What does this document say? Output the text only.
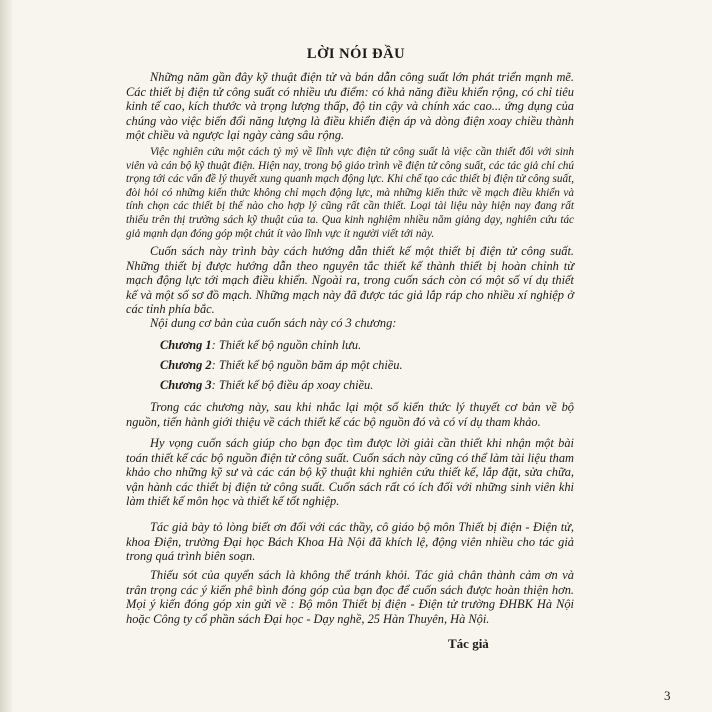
LỜI NÓI ĐẦU

Những năm gần đây kỹ thuật điện tử và bán dẫn công suất lớn phát triển mạnh mẽ. Các thiết bị điện tử công suất có nhiều ưu điểm: có khả năng điều khiển rộng, có chỉ tiêu kinh tế cao, kích thước và trọng lượng thấp, độ tin cậy và chính xác cao... ứng dụng của chúng vào việc biến đổi năng lượng là điều khiển điện áp và dòng điện xoay chiều thành một chiều và ngược lại ngày càng sâu rộng.

Việc nghiên cứu một cách tỷ mỷ về lĩnh vực điện tử công suất là việc cần thiết đối với sinh viên và cán bộ kỹ thuật điện. Hiện nay, trong bộ giáo trình về điện tử công suất, các tác giả chỉ chú trọng tới các vấn đề lý thuyết xung quanh mạch động lực. Khi chế tạo các thiết bị điện tử công suất, đòi hỏi có những kiến thức không chỉ mạch động lực, mà những kiến thức về mạch điều khiển và tính chọn các thiết bị thế nào cho hợp lý cũng rất cần thiết. Loại tài liệu này hiện nay đang rất thiếu trên thị trường sách kỹ thuật của ta. Qua kinh nghiệm nhiều năm giảng dạy, nghiên cứu tác giả mạnh dạn đóng góp một chút ít vào lĩnh vực ít người viết tới này.

Cuốn sách này trình bày cách hướng dẫn thiết kế một thiết bị điện tử công suất. Những thiết bị được hướng dẫn theo nguyên tắc thiết kế thành thiết bị hoàn chỉnh từ mạch động lực tới mạch điều khiển. Ngoài ra, trong cuốn sách còn có một số ví dụ thiết kế và một số sơ đồ mạch. Những mạch này đã được tác giả lắp ráp cho nhiều xí nghiệp ở các tỉnh phía bắc.

Nội dung cơ bản của cuốn sách này có 3 chương:

Chương 1: Thiết kế bộ nguồn chỉnh lưu.

Chương 2: Thiết kế bộ nguồn băm áp một chiều.

Chương 3: Thiết kế bộ điều áp xoay chiều.

Trong các chương này, sau khi nhắc lại một số kiến thức lý thuyết cơ bản về bộ nguồn, tiến hành giới thiệu về cách thiết kế các bộ nguồn đó và có ví dụ tham khảo.

Hy vọng cuốn sách giúp cho bạn đọc tìm được lời giải cần thiết khi nhận một bài toán thiết kế các bộ nguồn điện tử công suất. Cuốn sách này cũng có thể làm tài liệu tham khảo cho những kỹ sư và các cán bộ kỹ thuật khi nghiên cứu thiết kế, lắp đặt, sửa chữa, vận hành các thiết bị điện tử công suất. Cuốn sách rất có ích đối với những sinh viên khi làm thiết kế môn học và thiết kế tốt nghiệp.

Tác giả bày tỏ lòng biết ơn đối với các thầy, cô giáo bộ môn Thiết bị điện - Điện tử, khoa Điện, trường Đại học Bách Khoa Hà Nội đã khích lệ, động viên nhiều cho tác giả trong quá trình biên soạn.

Thiếu sót của quyển sách là không thể tránh khỏi. Tác giả chân thành cảm ơn và trân trọng các ý kiến phê bình đóng góp của bạn đọc để cuốn sách được hoàn thiện hơn. Mọi ý kiến đóng góp xin gửi về : Bộ môn Thiết bị điện - Điện tử trường ĐHBK Hà Nội hoặc Công ty cổ phần sách Đại học - Dạy nghề, 25 Hàn Thuyên, Hà Nội.

Tác giả
3
